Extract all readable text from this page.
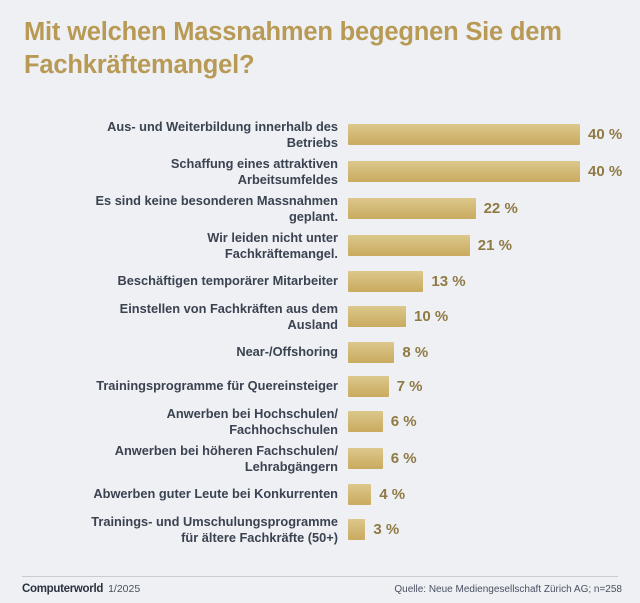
Mit welchen Massnahmen begegnen Sie dem Fachkräftemangel?
Aus- und Weiterbildung innerhalb des
Betriebs	40 %
Schaffung eines attraktiven
Arbeitsumfeldes	40 %
Es sind keine besonderen Massnahmen
geplant.	22 %
Wir leiden nicht unter
Fachkräftemangel.	21 %
Beschäftigen temporärer Mitarbeiter	13 %
Einstellen von Fachkräften aus dem
Ausland	10 %
Near-/Offshoring	8 %
Trainingsprogramme für Quereinsteiger	7 %
Anwerben bei Hochschulen/
Fachhochschulen	6 %
Anwerben bei höheren Fachschulen/
Lehrabgängern	6 %
Abwerben guter Leute bei Konkurrenten	4 %
Trainings- und Umschulungsprogramme
für ältere Fachkräfte (50+)	3 %
Computerworld 1/2025	Quelle: Neue Mediengesellschaft Zürich AG; n=258
